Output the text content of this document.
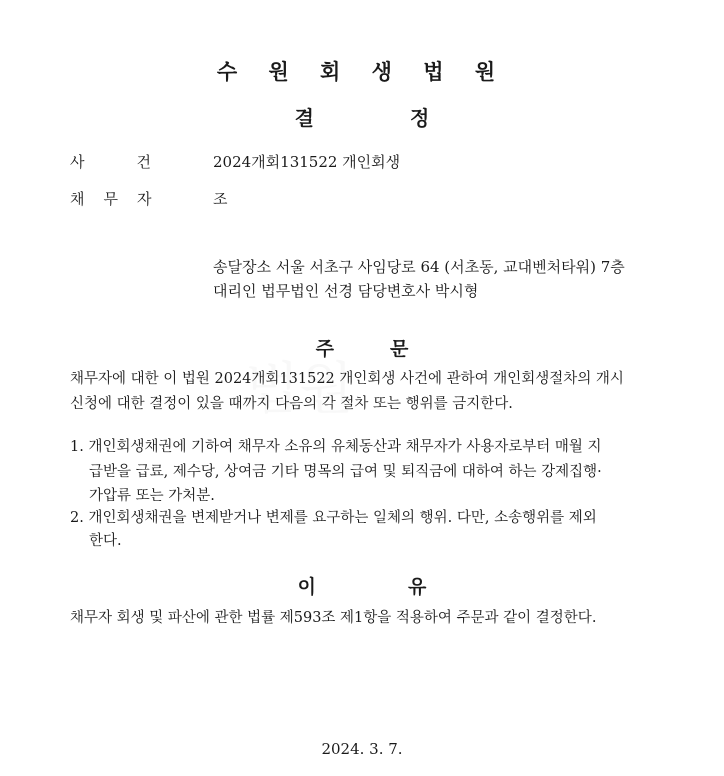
수 원 회 생 법 원
결	정
사	건	2024개회131522 개인회생
채무자	조
송달장소 서울 서초구 사임당로 64 (서초동, 교대벤처타워) 7층
대리인 법무법인 선경 담당변호사 박시형
법원
주	문
채무자에 대한 이 법원 2024개회131522 개인회생 사건에 관하여 개인회생절차의 개시
신청에 대한 결정이 있을 때까지 다음의 각 절차 또는 행위를 금지한다.
1. 개인회생채권에 기하여 채무자 소유의 유체동산과 채무자가 사용자로부터 매월 지
급받을 급료, 제수당, 상여금 기타 명목의 급여 및 퇴직금에 대하여 하는 강제집행·
가압류 또는 가처분.
2. 개인회생채권을 변제받거나 변제를 요구하는 일체의 행위. 다만, 소송행위를 제외
한다.
이	유
채무자 회생 및 파산에 관한 법률 제593조 제1항을 적용하여 주문과 같이 결정한다.
2024. 3. 7.
